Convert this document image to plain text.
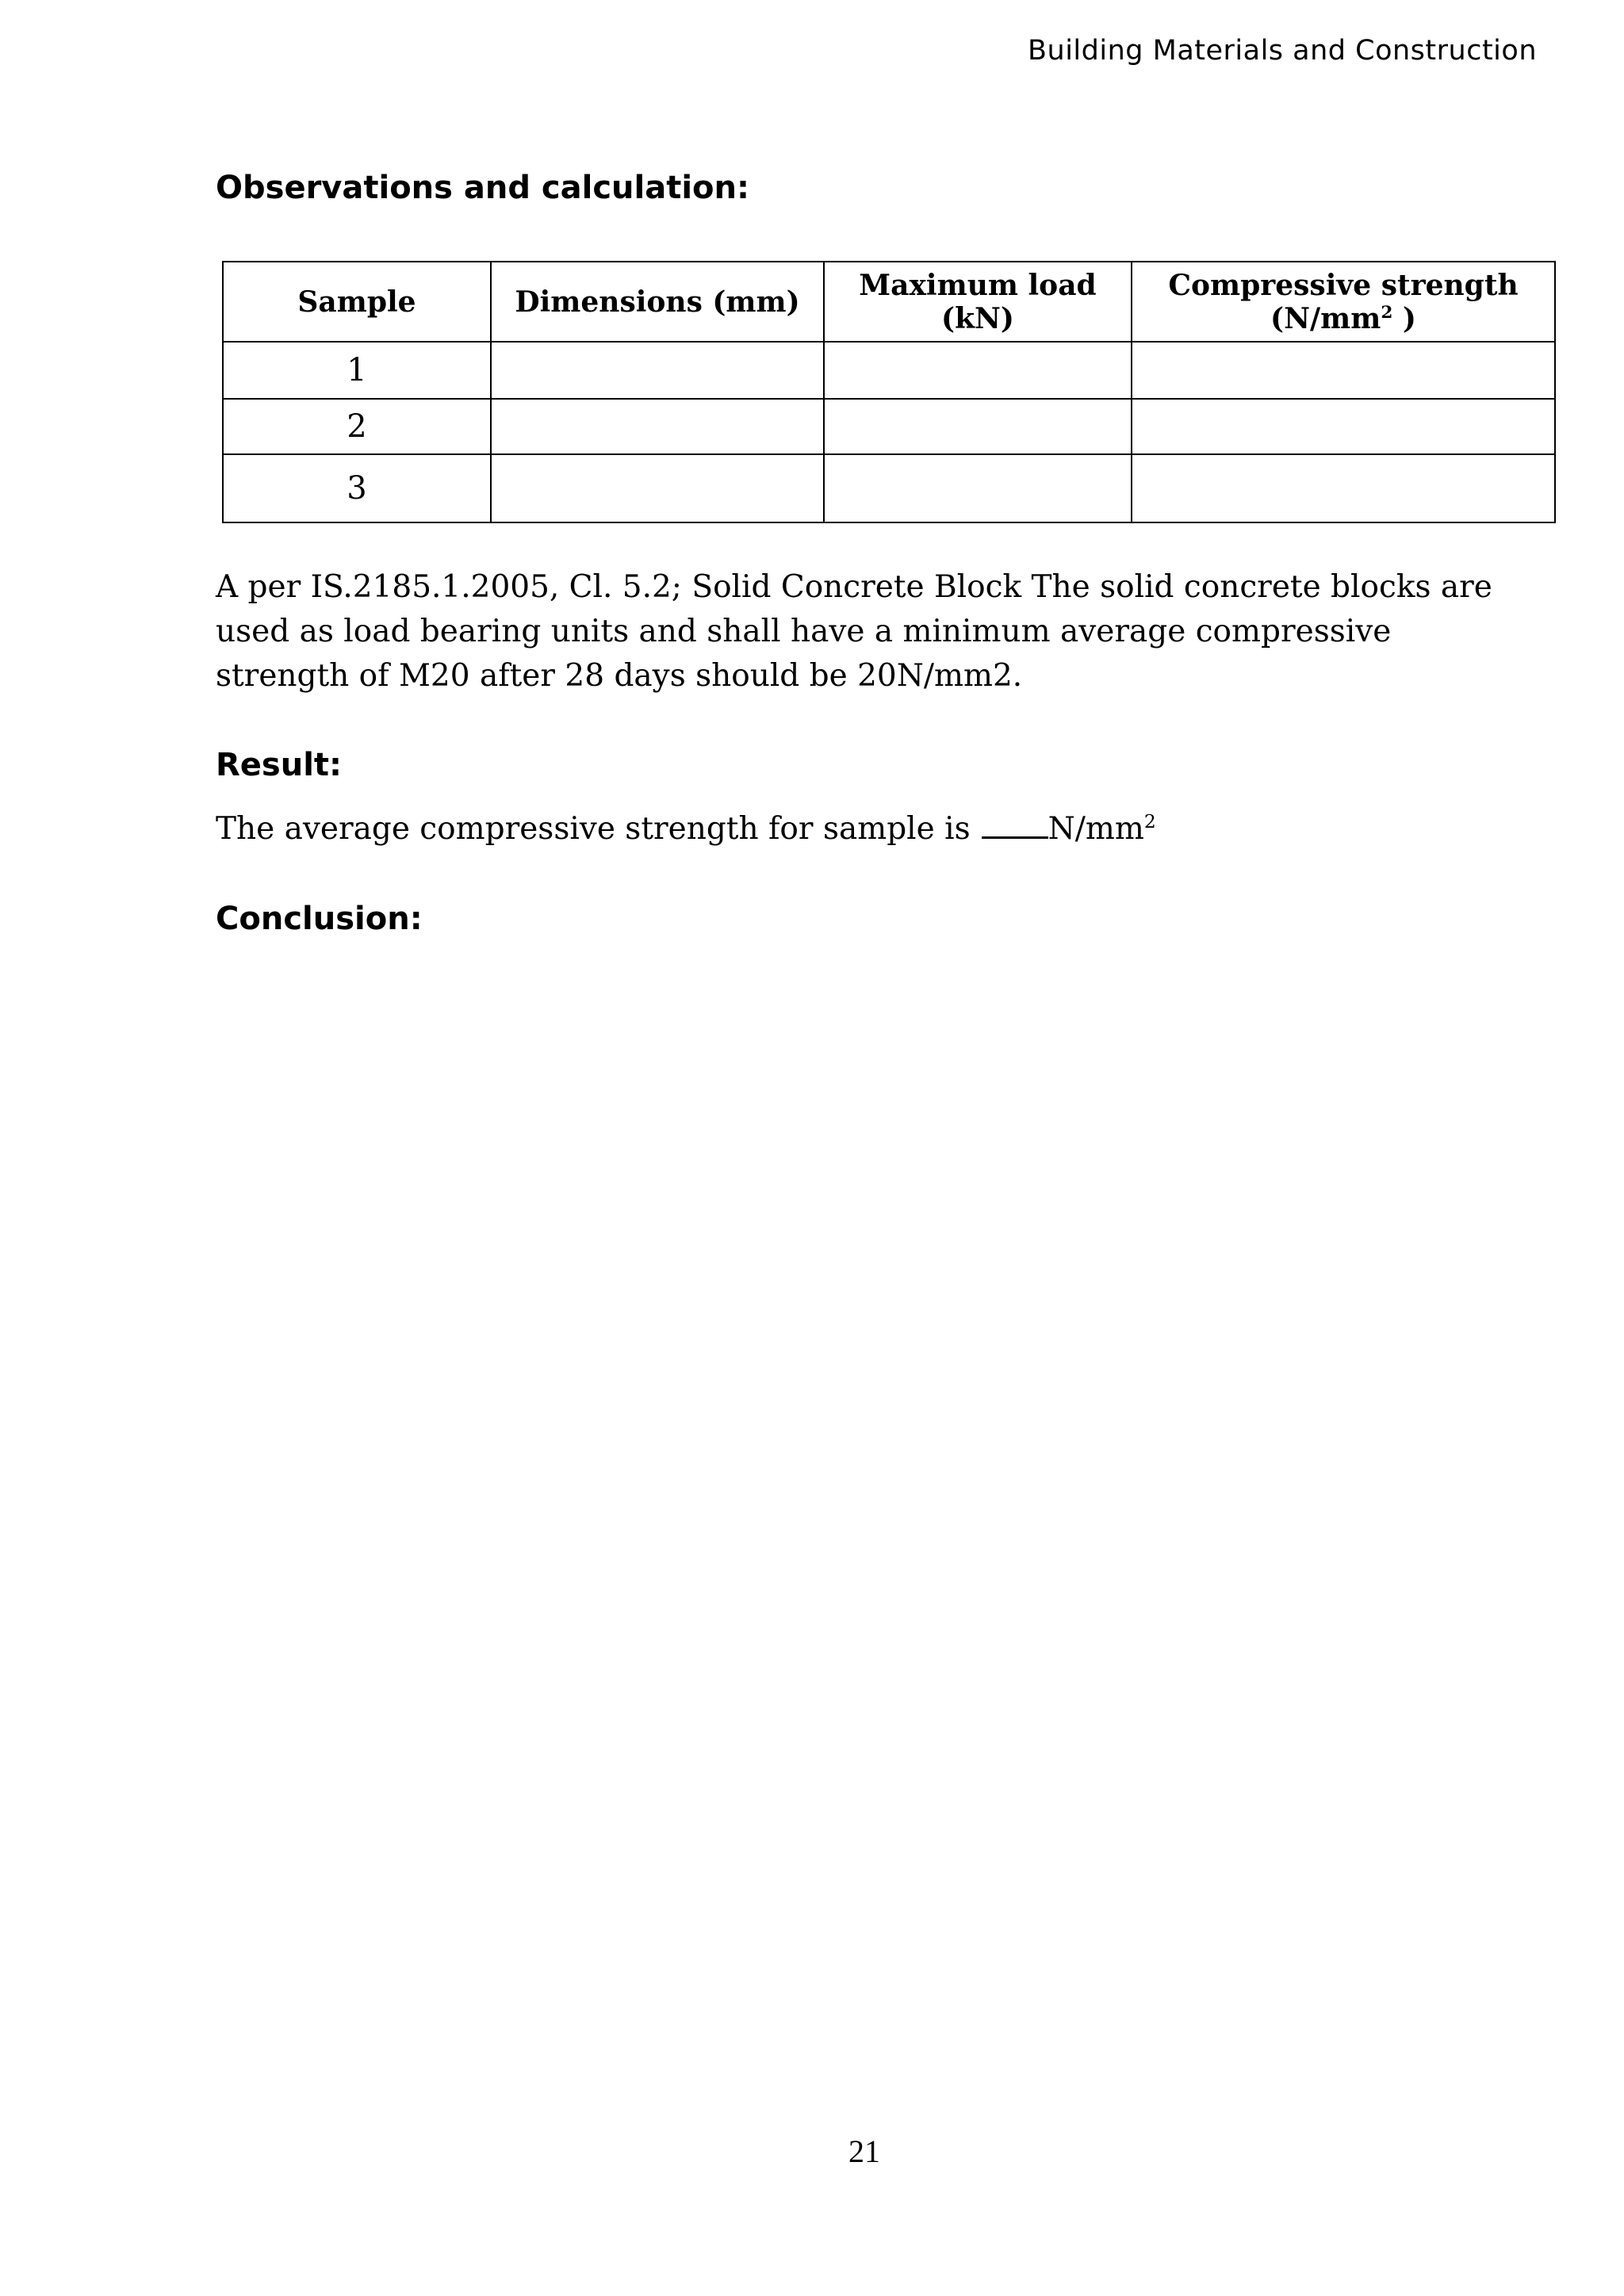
Building Materials and Construction
Observations and calculation:
Sample	Dimensions (mm)	Maximum load (kN)	Compressive strength
($N/mm^2$ )
1			
2			
3			

A per IS.2185.1.2005, Cl. 5.2; Solid Concrete Block The solid concrete blocks are used as load bearing units and shall have a minimum average compressive strength of M20 after 28 days should be 20N/mm2.

Result:

The average compressive strength for sample is	$N/mm^2$

Conclusion:
21
